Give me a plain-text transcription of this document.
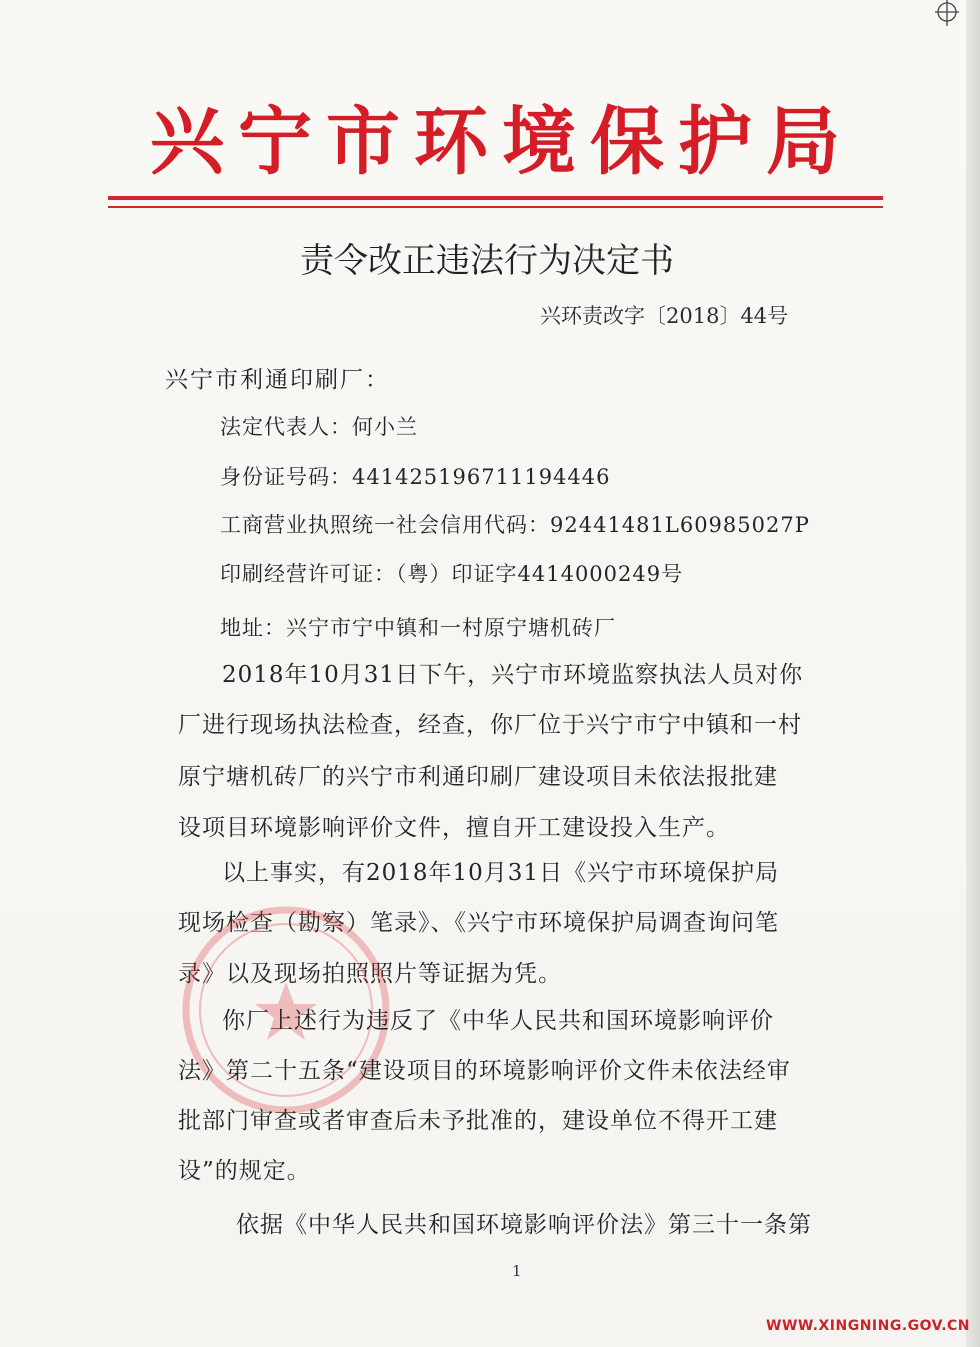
兴宁市环境保护局
责令改正违法行为决定书
兴环责改字〔2018〕44号
兴宁市利通印刷厂：
法定代表人：何小兰
身份证号码：441425196711194446
工商营业执照统一社会信用代码：92441481L60985027P
印刷经营许可证：（粤）印证字4414000249号
地址：兴宁市宁中镇和一村原宁塘机砖厂
2018年10月31日下午，兴宁市环境监察执法人员对你
厂进行现场执法检查，经查，你厂位于兴宁市宁中镇和一村
原宁塘机砖厂的兴宁市利通印刷厂建设项目未依法报批建
设项目环境影响评价文件，擅自开工建设投入生产。
以上事实，有2018年10月31日《兴宁市环境保护局
现场检查（勘察）笔录》、《兴宁市环境保护局调查询问笔
录》以及现场拍照照片等证据为凭。
你厂上述行为违反了《中华人民共和国环境影响评价
法》第二十五条“建设项目的环境影响评价文件未依法经审
批部门审查或者审查后未予批准的，建设单位不得开工建
设”的规定。
依据《中华人民共和国环境影响评价法》第三十一条第
1
WWW.XINGNING.GOV.CN
